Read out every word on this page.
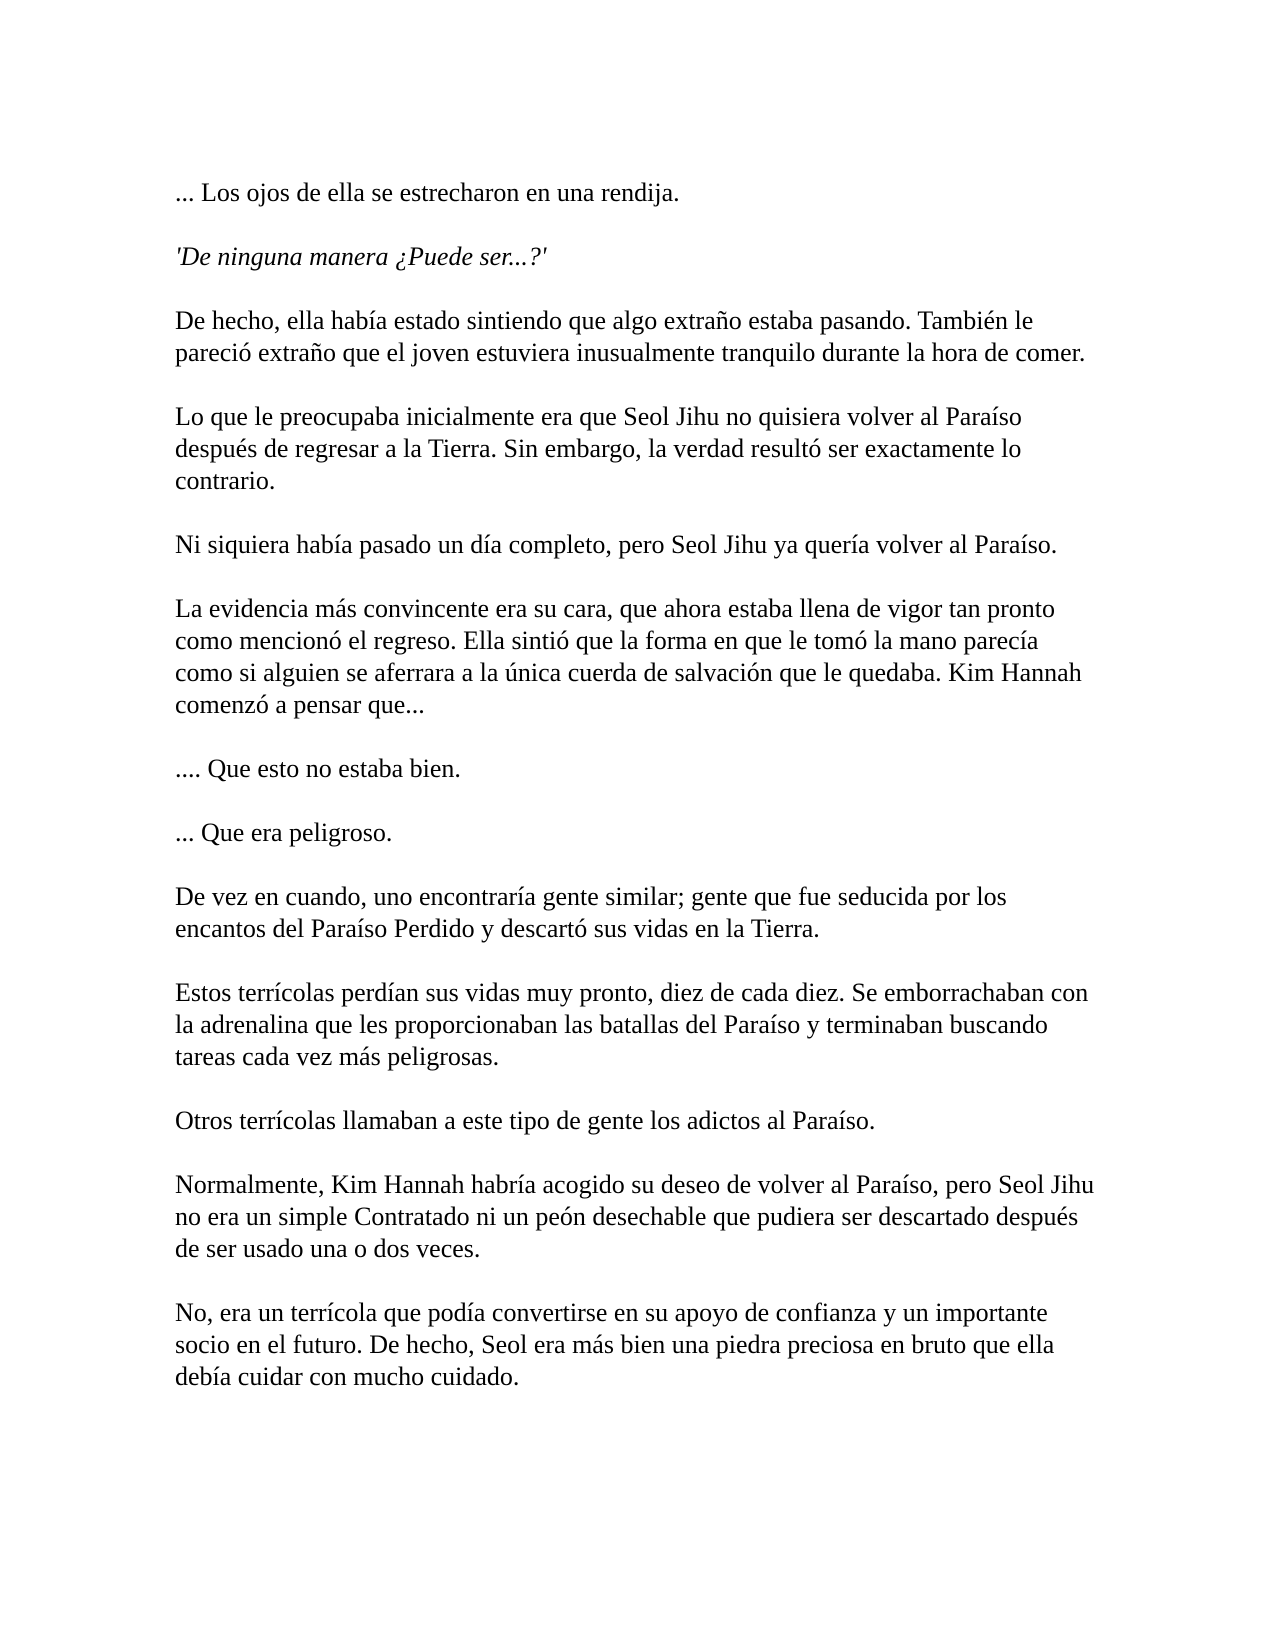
... Los ojos de ella se estrecharon en una rendija.

'De ninguna manera ¿Puede ser...?'

De hecho, ella había estado sintiendo que algo extraño estaba pasando. También le pareció extraño que el joven estuviera inusualmente tranquilo durante la hora de comer.

Lo que le preocupaba inicialmente era que Seol Jihu no quisiera volver al Paraíso después de regresar a la Tierra. Sin embargo, la verdad resultó ser exactamente lo contrario.

Ni siquiera había pasado un día completo, pero Seol Jihu ya quería volver al Paraíso.

La evidencia más convincente era su cara, que ahora estaba llena de vigor tan pronto como mencionó el regreso. Ella sintió que la forma en que le tomó la mano parecía como si alguien se aferrara a la única cuerda de salvación que le quedaba. Kim Hannah comenzó a pensar que...

.... Que esto no estaba bien.

... Que era peligroso.

De vez en cuando, uno encontraría gente similar; gente que fue seducida por los encantos del Paraíso Perdido y descartó sus vidas en la Tierra.

Estos terrícolas perdían sus vidas muy pronto, diez de cada diez. Se emborrachaban con la adrenalina que les proporcionaban las batallas del Paraíso y terminaban buscando tareas cada vez más peligrosas.

Otros terrícolas llamaban a este tipo de gente los adictos al Paraíso.

Normalmente, Kim Hannah habría acogido su deseo de volver al Paraíso, pero Seol Jihu no era un simple Contratado ni un peón desechable que pudiera ser descartado después de ser usado una o dos veces.

No, era un terrícola que podía convertirse en su apoyo de confianza y un importante socio en el futuro. De hecho, Seol era más bien una piedra preciosa en bruto que ella debía cuidar con mucho cuidado.
